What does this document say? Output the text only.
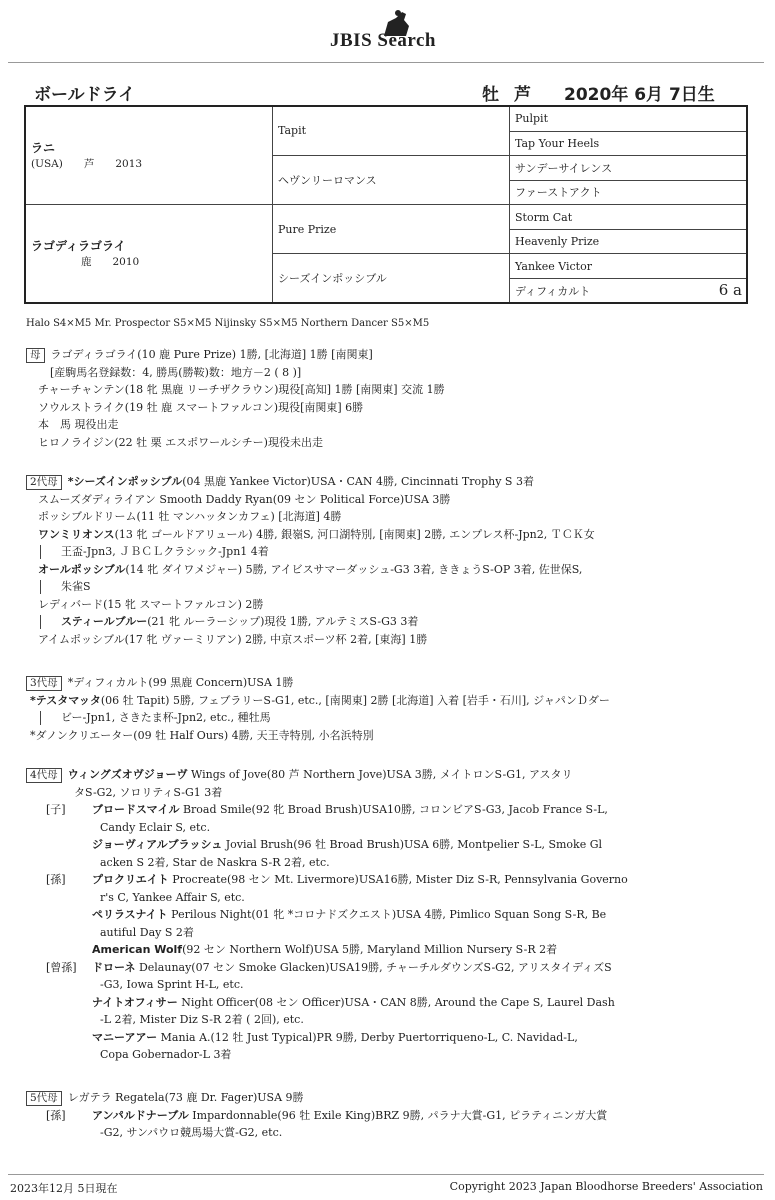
JBIS Search
ボールドライ	牡 芦 2020年 6月 7日生
ラニ
(USA)　　 芦　　 2013	Tapit	Pulpit
		Tap Your Heels
	ヘヴンリーロマンス	サンデーサイレンス
		ファーストアクト

ラゴディラゴライ
鹿　　 2010	Pure Prize	Storm Cat
		Heavenly Prize
	シーズインポッシブル	Yankee Victor
		ディフィカルト 6 a
Halo S4×M5 Mr. Prospector S5×M5 Nijinsky S5×M5 Northern Dancer S5×M5
母 ラゴディラゴライ(10 鹿 Pure Prize) 1勝, [北海道] 1勝 [南関東]
[産駒馬名登録数：4, 勝馬(勝鞍)数：地方－2 ( 8 )]
チャーチャンテン(18 牝 黒鹿 リーチザクラウン)現役[高知] 1勝 [南関東] 交流 1勝
ソウルストライク(19 牡 鹿 スマートファルコン)現役[南関東] 6勝
本　馬 現役出走
ヒロノライジン(22 牡 栗 エスポワールシチー)現役未出走
2代母 *シーズインポッシブル(04 黒鹿 Yankee Victor)USA・CAN 4勝, Cincinnati Trophy S 3着
スムーズダディライアン Smooth Daddy Ryan(09 セン Political Force)USA 3勝
ポッシブルドリーム(11 牡 マンハッタンカフェ) [北海道] 4勝
ワンミリオンス(13 牝 ゴールドアリュール) 4勝, 銀嶺S, 河口湖特別, [南関東] 2勝, エンプレス杯-Jpn2, ＴＣＫ女
王盃-Jpn3, ＪＢＣＬクラシック-Jpn1 4着
オールポッシブル(14 牝 ダイワメジャー) 5勝, アイビスサマーダッシュ-G3 3着, ききょうS-OP 3着, 佐世保S,
朱雀S
レディバード(15 牝 スマートファルコン) 2勝
スティールブルー(21 牝 ルーラーシップ)現役 1勝, アルテミスS-G3 3着
アイムポッシブル(17 牝 ヴァーミリアン) 2勝, 中京スポーツ杯 2着, [東海] 1勝
3代母 *ディフィカルト(99 黒鹿 Concern)USA 1勝
*テスタマッタ(06 牡 Tapit) 5勝, フェブラリーS-G1, etc., [南関東] 2勝 [北海道] 入着 [岩手・石川], ジャパンＤダー
ビー-Jpn1, さきたま杯-Jpn2, etc., 種牡馬
*ダノンクリエーター(09 牡 Half Ours) 4勝, 天王寺特別, 小名浜特別
4代母 ウィングズオヴジョーヴ Wings of Jove(80 芦 Northern Jove)USA 3勝, メイトロンS-G1, アスタリ
タS-G2, ソロリティS-G1 3着
[子] ブロードスマイル Broad Smile(92 牝 Broad Brush)USA10勝, コロンビアS-G3, Jacob France S-L,
Candy Eclair S, etc.
ジョーヴィアルブラッシュ Jovial Brush(96 牡 Broad Brush)USA 6勝, Montpelier S-L, Smoke Gl
acken S 2着, Star de Naskra S-R 2着, etc.
[孫] プロクリエイト Procreate(98 セン Mt. Livermore)USA16勝, Mister Diz S-R, Pennsylvania Governo
r's C, Yankee Affair S, etc.
ペリラスナイト Perilous Night(01 牝 *コロナドズクエスト)USA 4勝, Pimlico Squan Song S-R, Be
autiful Day S 2着
American Wolf(92 セン Northern Wolf)USA 5勝, Maryland Million Nursery S-R 2着
[曾孫] ドローネ Delaunay(07 セン Smoke Glacken)USA19勝, チャーチルダウンズS-G2, アリスタイディズS
-G3, Iowa Sprint H-L, etc.
ナイトオフィサー Night Officer(08 セン Officer)USA・CAN 8勝, Around the Cape S, Laurel Dash
-L 2着, Mister Diz S-R 2着 ( 2回), etc.
マニーアアー Mania A.(12 牡 Just Typical)PR 9勝, Derby Puertorriqueno-L, C. Navidad-L,
Copa Gobernador-L 3着
5代母 レガテラ Regatela(73 鹿 Dr. Fager)USA 9勝
[孫] アンパルドナーブル Impardonnable(96 牡 Exile King)BRZ 9勝, パラナ大賞-G1, ピラティニンガ大賞
-G2, サンパウロ競馬場大賞-G2, etc.
2023年12月 5日現在	Copyright 2023 Japan Bloodhorse Breeders' Association
